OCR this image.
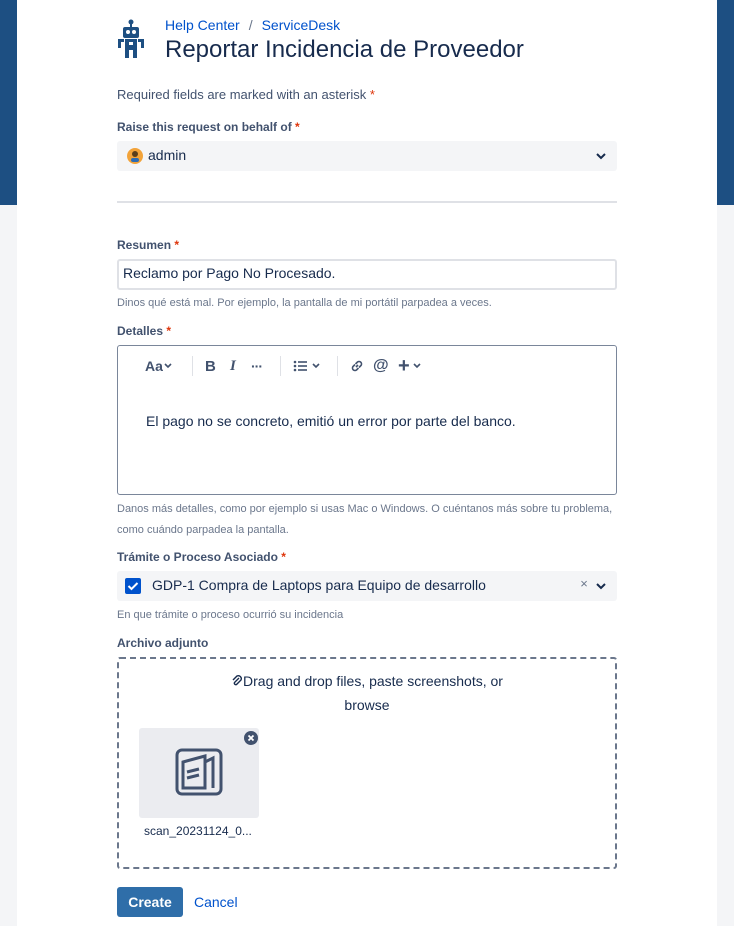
Help Center / ServiceDesk
Reportar Incidencia de Proveedor
Required fields are marked with an asterisk *
Raise this request on behalf of *
admin
Resumen *
Reclamo por Pago No Procesado.
Dinos qué está mal. Por ejemplo, la pantalla de mi portátil parpadea a veces.
Detalles *
Aa	B I ···	@ +
El pago no se concreto, emitió un error por parte del banco.
Danos más detalles, como por ejemplo si usas Mac o Windows. O cuéntanos más sobre tu problema,
como cuándo parpadea la pantalla.
Trámite o Proceso Asociado *
GDP-1 Compra de Laptops para Equipo de desarrollo	×
En que trámite o proceso ocurrió su incidencia
Archivo adjunto
Drag and drop files, paste screenshots, or
browse
scan_20231124_0...
Create	Cancel
